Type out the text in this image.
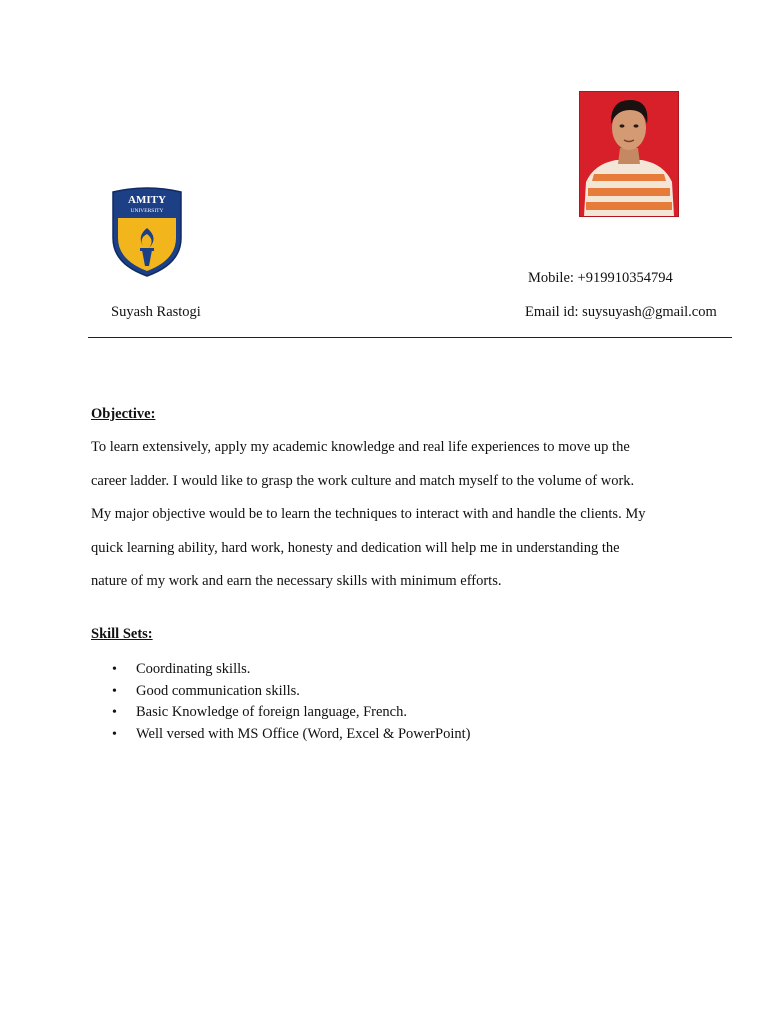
AMITY
UNIVERSITY
Mobile: +919910354794
Suyash Rastogi	Email id: suysuyash@gmail.com
Objective:
To learn extensively, apply my academic knowledge and real life experiences to move up the
career ladder. I would like to grasp the work culture and match myself to the volume of work.
My major objective would be to learn the techniques to interact with and handle the clients. My
quick learning ability, hard work, honesty and dedication will help me in understanding the
nature of my work and earn the necessary skills with minimum efforts.
Skill Sets:
• Coordinating skills.
• Good communication skills.
• Basic Knowledge of foreign language, French.
• Well versed with MS Office (Word, Excel & PowerPoint)
